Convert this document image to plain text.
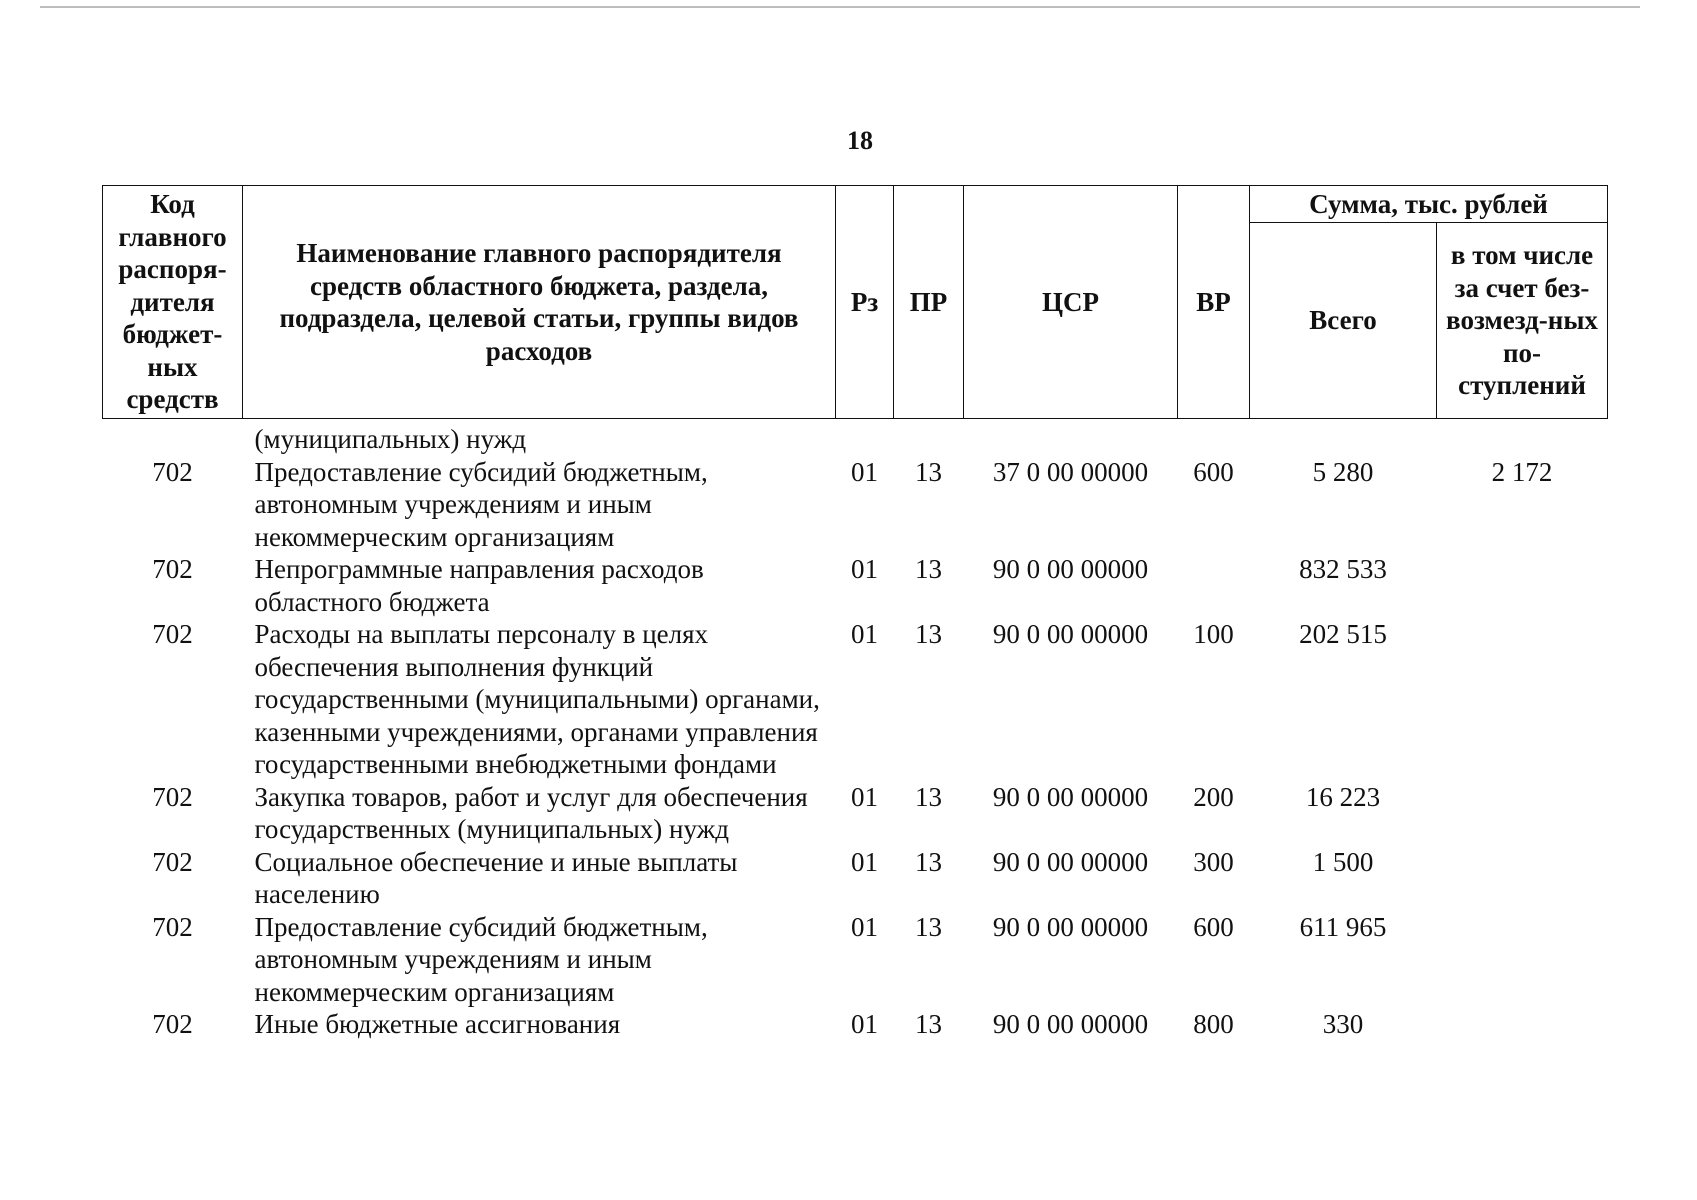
18
Код главного распоря-дителя бюджет-ных средств	Наименование главного распорядителя средств областного бюджета, раздела, подраздела, целевой статьи, группы видов расходов	Рз	ПР	ЦСР	ВР	Сумма, тыс. рублей	
						Всего	в том числе за счет без-возмезд-ных по-ступлений
	(муниципальных) нужд						
702	Предоставление субсидий бюджетным, автономным учреждениям и иным некоммерческим организациям	01	13	37 0 00 00000	600	5 280	2 172
702	Непрограммные направления расходов областного бюджета	01	13	90 0 00 00000		832 533	
702	Расходы на выплаты персоналу в целях обеспечения выполнения функций государственными (муниципальными) органами, казенными учреждениями, органами управления государственными внебюджетными фондами	01	13	90 0 00 00000	100	202 515	
702	Закупка товаров, работ и услуг для обеспечения государственных (муниципальных) нужд	01	13	90 0 00 00000	200	16 223	
702	Социальное обеспечение и иные выплаты населению	01	13	90 0 00 00000	300	1 500	
702	Предоставление субсидий бюджетным, автономным учреждениям и иным некоммерческим организациям	01	13	90 0 00 00000	600	611 965	
702	Иные бюджетные ассигнования	01	13	90 0 00 00000	800	330	
